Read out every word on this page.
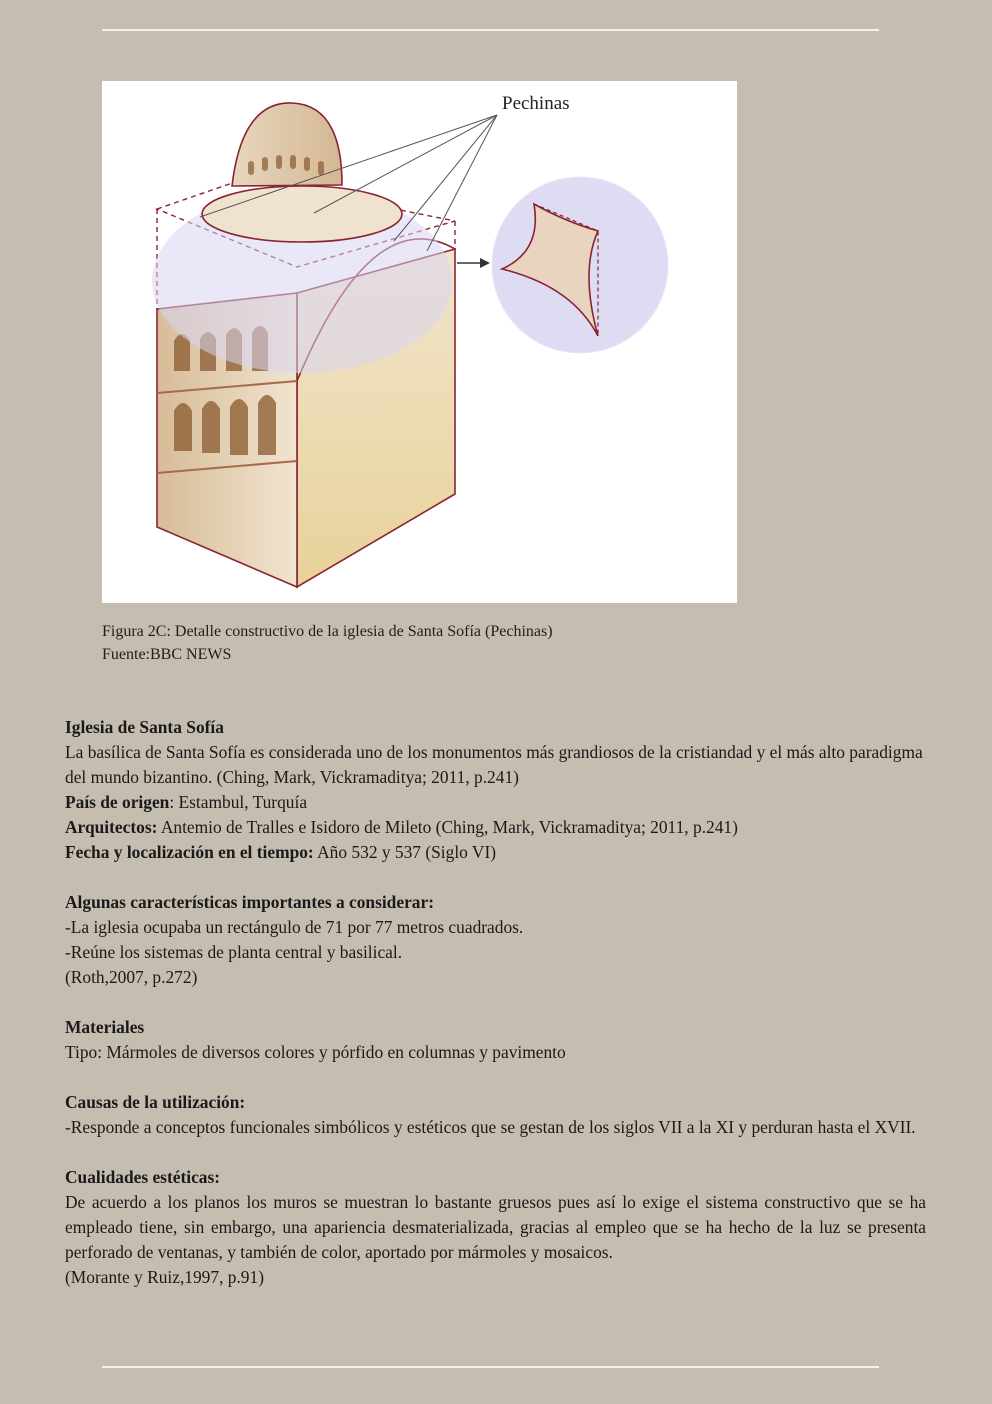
Pechinas
Figura 2C: Detalle constructivo de la iglesia de Santa Sofía (Pechinas)
Fuente:BBC NEWS

Iglesia de Santa Sofía

La basílica de Santa Sofía es considerada uno de los monumentos más grandiosos de la cristiandad y el más alto paradigma del mundo bizantino. (Ching, Mark, Vickramaditya; 2011, p.241)

País de origen: Estambul, Turquía

Arquitectos: Antemio de Tralles e Isidoro de Mileto (Ching, Mark, Vickramaditya; 2011, p.241)

Fecha y localización en el tiempo: Año 532 y 537 (Siglo VI)

Algunas características importantes a considerar:

-La iglesia ocupaba un rectángulo de 71 por 77 metros cuadrados.

-Reúne los sistemas de planta central y basilical.

(Roth,2007, p.272)

Materiales

Tipo: Mármoles de diversos colores y pórfido en columnas y pavimento

Causas de la utilización:

-Responde a conceptos funcionales simbólicos y estéticos que se gestan de los siglos VII a la XI y perduran hasta el XVII.

Cualidades estéticas:

De acuerdo a los planos los muros se muestran lo bastante gruesos pues así lo exige el sistema constructivo que se ha empleado tiene, sin embargo, una apariencia desmaterializada, gracias al empleo que se ha hecho de la luz se presenta perforado de ventanas, y también de color, aportado por mármoles y mosaicos.

(Morante y Ruiz,1997, p.91)
